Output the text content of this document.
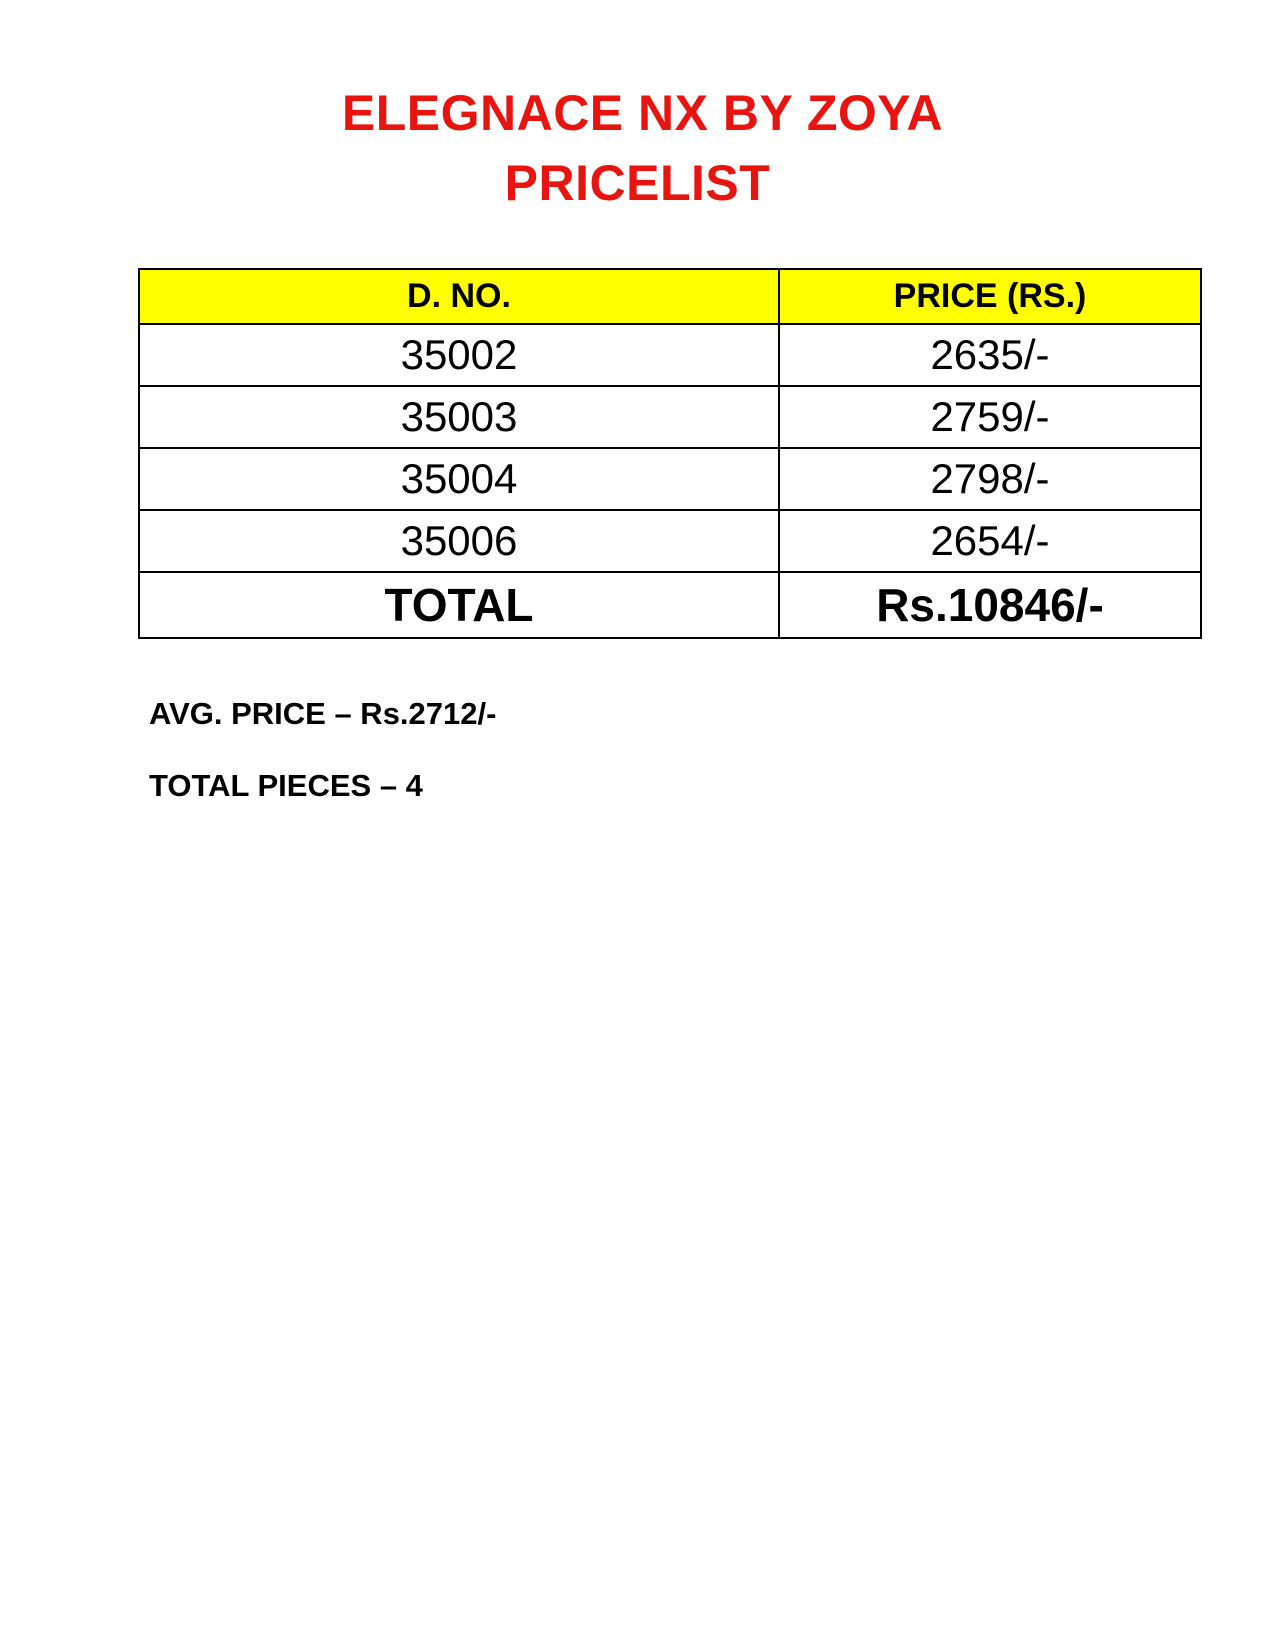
ELEGNACE NX BY ZOYA
PRICELIST
D. NO.	PRICE (RS.)
35002	2635/-
35003	2759/-
35004	2798/-
35006	2654/-
TOTAL	Rs.10846/-
AVG. PRICE – Rs.2712/-
TOTAL PIECES – 4
